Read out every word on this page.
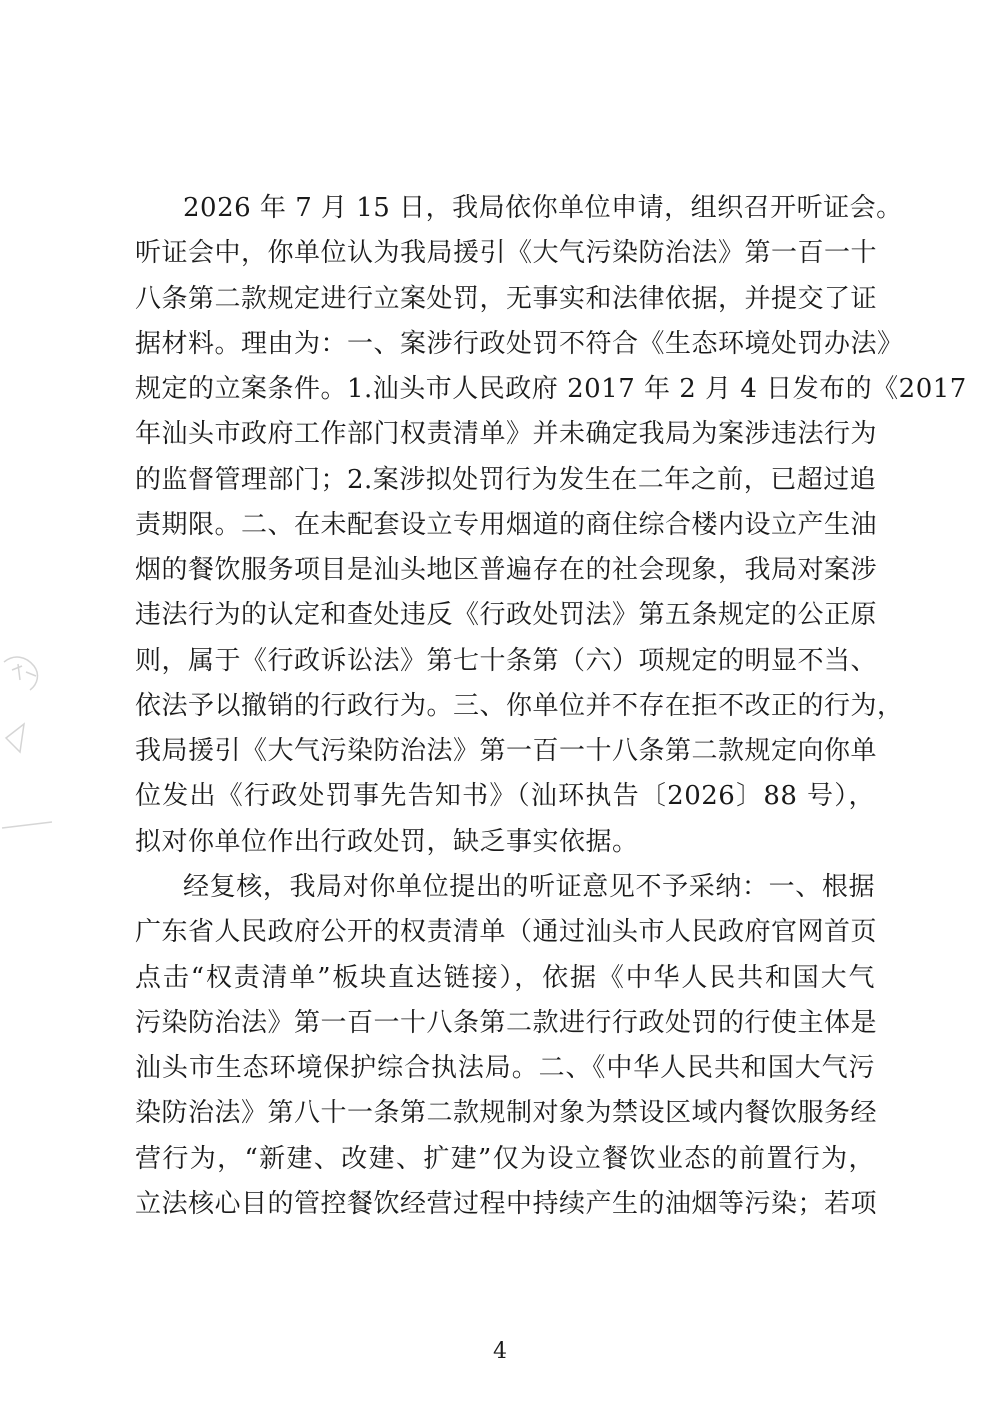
2026 年 7 月 15 日，我局依你单位申请，组织召开听证会。
听证会中，你单位认为我局援引《大气污染防治法》第一百一十
八条第二款规定进行立案处罚，无事实和法律依据，并提交了证
据材料。理由为：一、案涉行政处罚不符合《生态环境处罚办法》
规定的立案条件。1.汕头市人民政府 2017 年 2 月 4 日发布的《2017
年汕头市政府工作部门权责清单》并未确定我局为案涉违法行为
的监督管理部门；2.案涉拟处罚行为发生在二年之前，已超过追
责期限。二、在未配套设立专用烟道的商住综合楼内设立产生油
烟的餐饮服务项目是汕头地区普遍存在的社会现象，我局对案涉
违法行为的认定和查处违反《行政处罚法》第五条规定的公正原
则，属于《行政诉讼法》第七十条第（六）项规定的明显不当、
依法予以撤销的行政行为。三、你单位并不存在拒不改正的行为，
我局援引《大气污染防治法》第一百一十八条第二款规定向你单
位发出《行政处罚事先告知书》（汕环执告〔2026〕88 号），
拟对你单位作出行政处罚，缺乏事实依据。
经复核，我局对你单位提出的听证意见不予采纳：一、根据
广东省人民政府公开的权责清单（通过汕头市人民政府官网首页
点击“权责清单”板块直达链接），依据《中华人民共和国大气
污染防治法》第一百一十八条第二款进行行政处罚的行使主体是
汕头市生态环境保护综合执法局。二、《中华人民共和国大气污
染防治法》第八十一条第二款规制对象为禁设区域内餐饮服务经
营行为，“新建、改建、扩建”仅为设立餐饮业态的前置行为，
立法核心目的管控餐饮经营过程中持续产生的油烟等污染；若项
4
